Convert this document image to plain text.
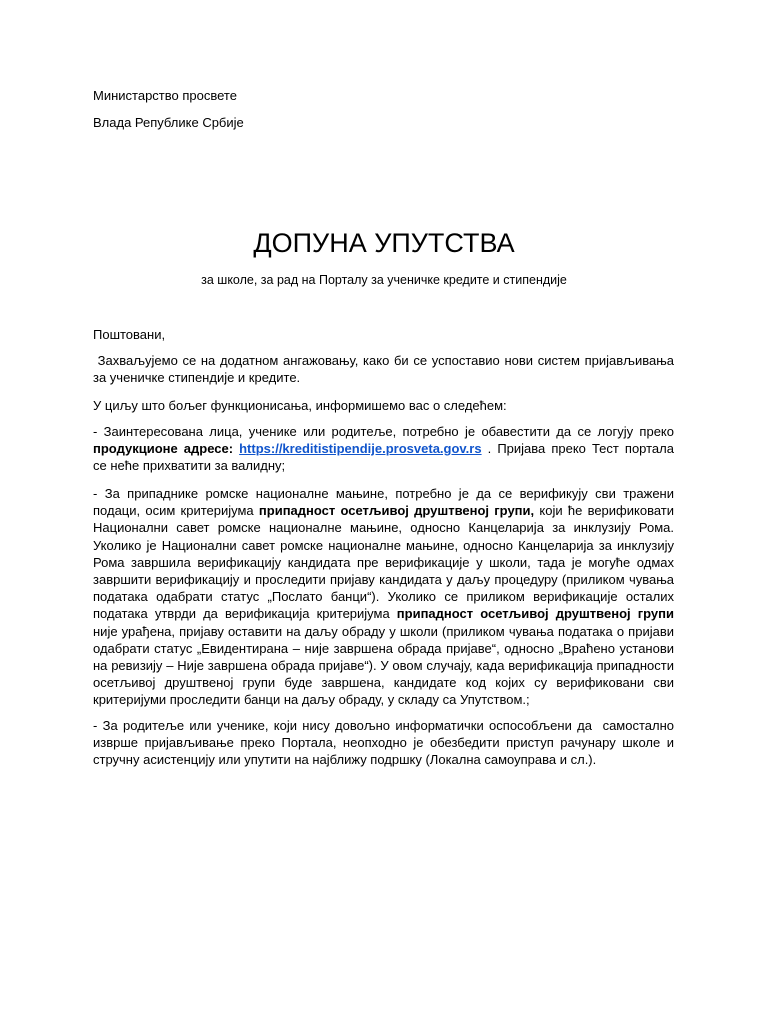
Министарство просвете
Влада Републике Србије
ДОПУНА УПУТСТВА
за школе, за рад на Порталу за ученичке кредите и стипендије

Поштовани,

Захваљујемо се на додатном ангажовању, како би се успоставио нови систем пријављивања за ученичке стипендије и кредите.

У циљу што бољег функционисања, информишемо вас о следећем:

- Заинтересована лица, ученике или родитеље, потребно је обавестити да се логују преко продукционе адресе: https://kreditistipendije.prosveta.gov.rs . Пријава преко Тест портала се неће прихватити за валидну;

- За припаднике ромске националне мањине, потребно је да се верификују сви тражени подаци, осим критеријума припадност осетљивој друштвеној групи, који ће верификовати Национални савет ромске националне мањине, односно Канцеларија за инклузију Рома. Уколико је Национални савет ромске националне мањине, односно Канцеларија за инклузију Рома завршила верификацију кандидата пре верификације у школи, тада је могуће одмах завршити верификацију и проследити пријаву кандидата у даљу процедуру (приликом чувања података одабрати статус „Послато банци“). Уколико се приликом верификације осталих података утврди да верификација критеријума припадност осетљивој друштвеној групи није урађена, пријаву оставити на даљу обраду у школи (приликом чувања података о пријави одабрати статус „Евидентирана – није завршена обрада пријаве“, односно „Враћено установи на ревизију – Није завршена обрада пријаве“). У овом случају, када верификација припадности осетљивој друштвеној групи буде завршена, кандидате код којих су верификовани сви критеријуми проследити банци на даљу обраду, у складу са Упутством.;

- За родитеље или ученике, који нису довољно информатички оспособљени да  самостално изврше пријављивање преко Портала, неопходно је обезбедити приступ рачунару школе и стручну асистенцију или упутити на најближу подршку (Локална самоуправа и сл.).
